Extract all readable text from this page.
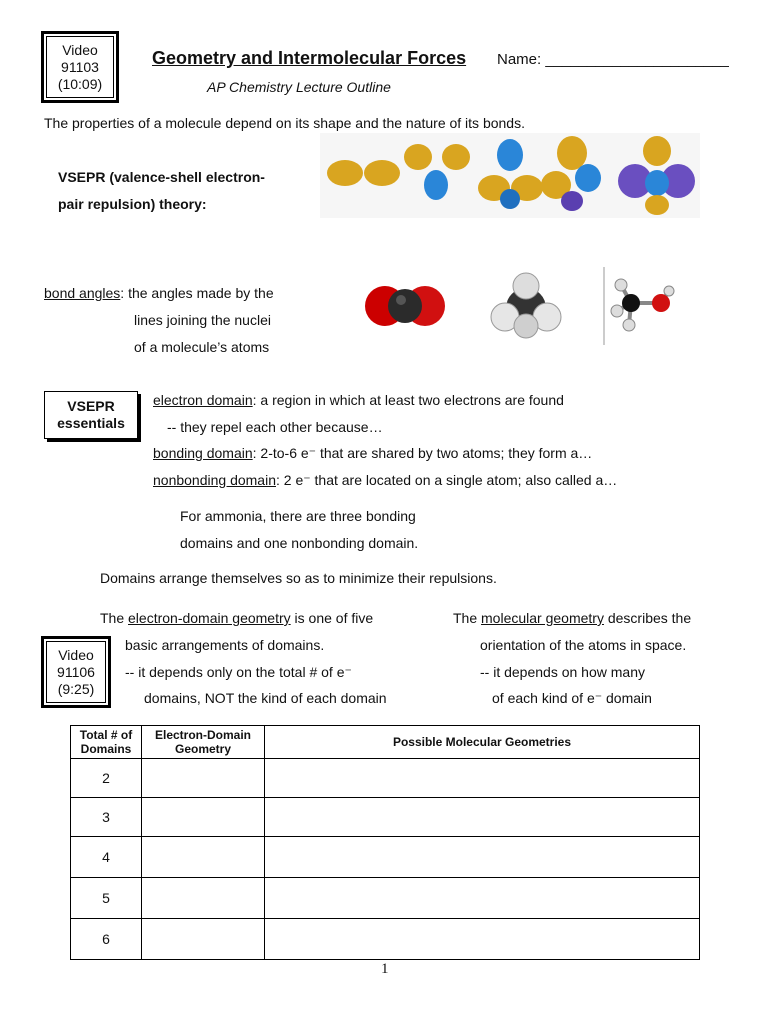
Video
91103
(10:09)
Geometry and Intermolecular Forces Name: ______________________
AP Chemistry Lecture Outline
The properties of a molecule depend on its shape and the nature of its bonds.
VSEPR (valence-shell electron-
pair repulsion) theory:
bond angles: the angles made by the
lines joining the nuclei
of a molecule’s atoms
VSEPR
essentials
electron domain: a region in which at least two electrons are found
-- they repel each other because…
bonding domain: 2-to-6 e⁻ that are shared by two atoms; they form a…
nonbonding domain: 2 e⁻ that are located on a single atom; also called a…
For ammonia, there are three bonding
domains and one nonbonding domain.
Domains arrange themselves so as to minimize their repulsions.
The electron-domain geometry is one of five
basic arrangements of domains.
-- it depends only on the total # of e⁻
domains, NOT the kind of each domain
The molecular geometry describes the
orientation of the atoms in space.
-- it depends on how many
of each kind of e⁻ domain
Video
91106
(9:25)
Total # of Domains	Electron-Domain Geometry	Possible Molecular Geometries
2		
3		
4		
5		
6		
1
